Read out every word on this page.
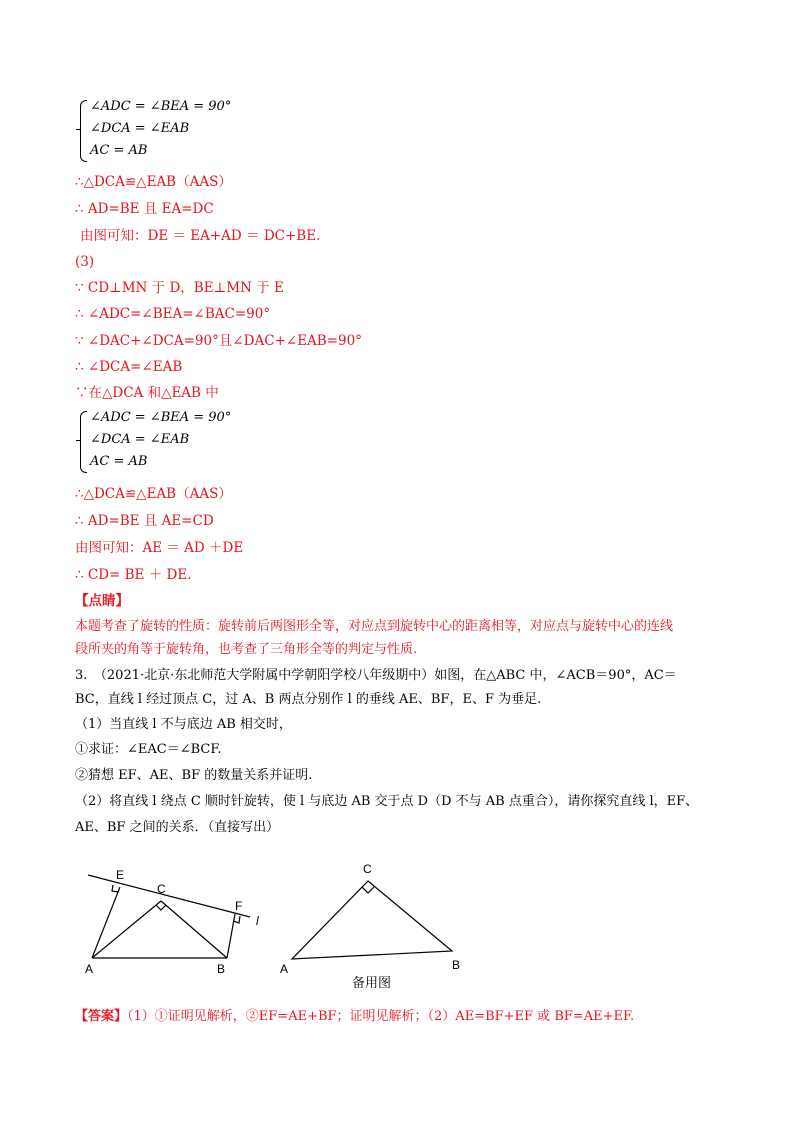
∠ADC = ∠BEA = 90°
∠DCA = ∠EAB
AC = AB
∴△DCA≌△EAB（AAS）
∴ AD=BE 且 EA=DC
由图可知：DE ＝ EA+AD ＝ DC+BE.
(3)
∵ CD⊥MN 于 D，BE⊥MN 于 E
∴ ∠ADC=∠BEA=∠BAC=90°
∵ ∠DAC+∠DCA=90°且∠DAC+∠EAB=90°
∴ ∠DCA=∠EAB
∵在△DCA 和△EAB 中
∠ADC = ∠BEA = 90°
∠DCA = ∠EAB
AC = AB
∴△DCA≌△EAB（AAS）
∴ AD=BE 且 AE=CD
由图可知：AE ＝ AD ＋DE
∴ CD= BE ＋ DE.
【点睛】
本题考查了旋转的性质：旋转前后两图形全等，对应点到旋转中心的距离相等，对应点与旋转中心的连线
段所夹的角等于旋转角，也考查了三角形全等的判定与性质.
3.　（2021·北京·东北师范大学附属中学朝阳学校八年级期中）如图，在△ABC 中，∠ACB＝90°，AC＝
BC，直线 l 经过顶点 C，过 A、B 两点分别作 l 的垂线 AE、BF，E、F 为垂足.
（1）当直线 l 不与底边 AB 相交时，
①求证：∠EAC＝∠BCF.
②猜想 EF、AE、BF 的数量关系并证明.
（2）将直线 l 绕点 C 顺时针旋转，使 l 与底边 AB 交于点 D（D 不与 AB 点重合），请你探究直线 l，EF、
AE、BF 之间的关系．（直接写出）
E
C
F
l
A	B
C
A	B
备用图
【答案】（1）①证明见解析，②EF=AE+BF；证明见解析；（2）AE=BF+EF 或 BF=AE+EF.
